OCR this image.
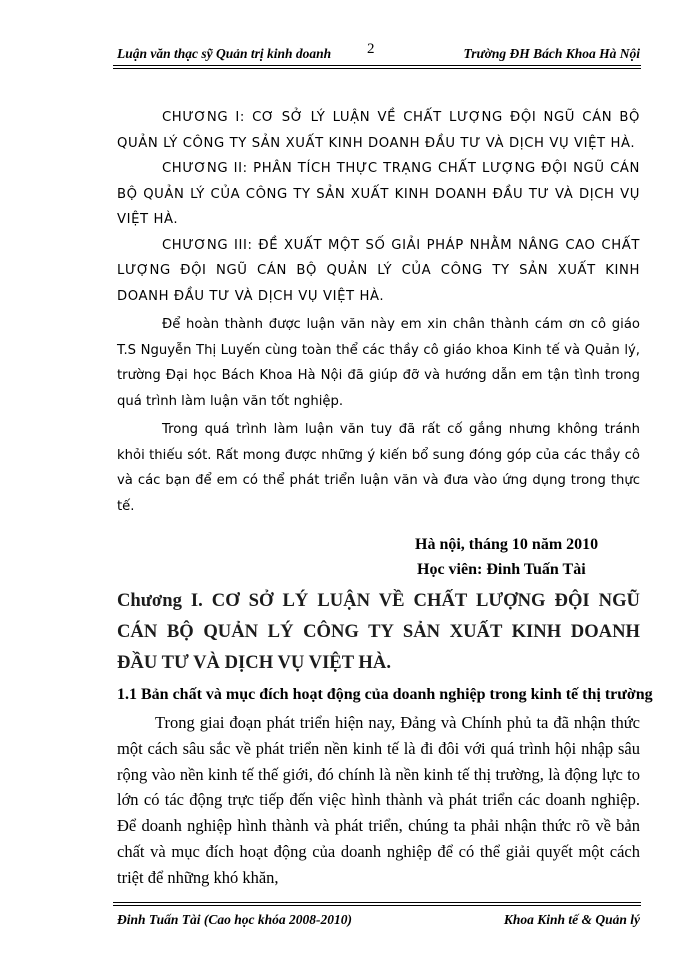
Luận văn thạc sỹ Quản trị kinh doanh 2	Trường ĐH Bách Khoa Hà Nội

CHƯƠNG I: CƠ SỞ LÝ LUẬN VỀ CHẤT LƯỢNG ĐỘI NGŨ CÁN BỘ QUẢN LÝ CÔNG TY SẢN XUẤT KINH DOANH ĐẦU TƯ VÀ DỊCH VỤ VIỆT HÀ.

CHƯƠNG II: PHÂN TÍCH THỰC TRẠNG CHẤT LƯỢNG ĐỘI NGŨ CÁN BỘ QUẢN LÝ CỦA CÔNG TY SẢN XUẤT KINH DOANH ĐẦU TƯ VÀ DỊCH VỤ VIỆT HÀ.

CHƯƠNG III: ĐỀ XUẤT MỘT SỐ GIẢI PHÁP NHẰM NÂNG CAO CHẤT LƯỢNG ĐỘI NGŨ CÁN BỘ QUẢN LÝ CỦA CÔNG TY SẢN XUẤT KINH DOANH ĐẦU TƯ VÀ DỊCH VỤ VIỆT HÀ.

Để hoàn thành được luận văn này em xin chân thành cám ơn cô giáo T.S Nguyễn Thị Luyến cùng toàn thể các thầy cô giáo khoa Kinh tế và Quản lý, trường Đại học Bách Khoa Hà Nội đã giúp đỡ và hướng dẫn em tận tình trong quá trình làm luận văn tốt nghiệp.

Trong quá trình làm luận văn tuy đã rất cố gắng nhưng không tránh khỏi thiếu sót. Rất mong được những ý kiến bổ sung đóng góp của các thầy cô và các bạn để em có thể phát triển luận văn và đưa vào ứng dụng trong thực tế.

Hà nội, tháng 10 năm 2010
Học viên: Đinh Tuấn Tài
Chương I. CƠ SỞ LÝ LUẬN VỀ CHẤT LƯỢNG ĐỘI NGŨ CÁN BỘ QUẢN LÝ CÔNG TY SẢN XUẤT KINH DOANH ĐẦU TƯ VÀ DỊCH VỤ VIỆT HÀ.
1.1 Bản chất và mục đích hoạt động của doanh nghiệp trong kinh tế thị trường

Trong giai đoạn phát triển hiện nay, Đảng và Chính phủ ta đã nhận thức một cách sâu sắc về phát triển nền kinh tế là đi đôi với quá trình hội nhập sâu rộng vào nền kinh tế thế giới, đó chính là nền kinh tế thị trường, là động lực to lớn có tác động trực tiếp đến việc hình thành và phát triển các doanh nghiệp. Để doanh nghiệp hình thành và phát triển, chúng ta phải nhận thức rõ về bản chất và mục đích hoạt động của doanh nghiệp để có thể giải quyết một cách triệt để những khó khăn,

Đinh Tuấn Tài (Cao học khóa 2008-2010)	Khoa Kinh tế & Quản lý
